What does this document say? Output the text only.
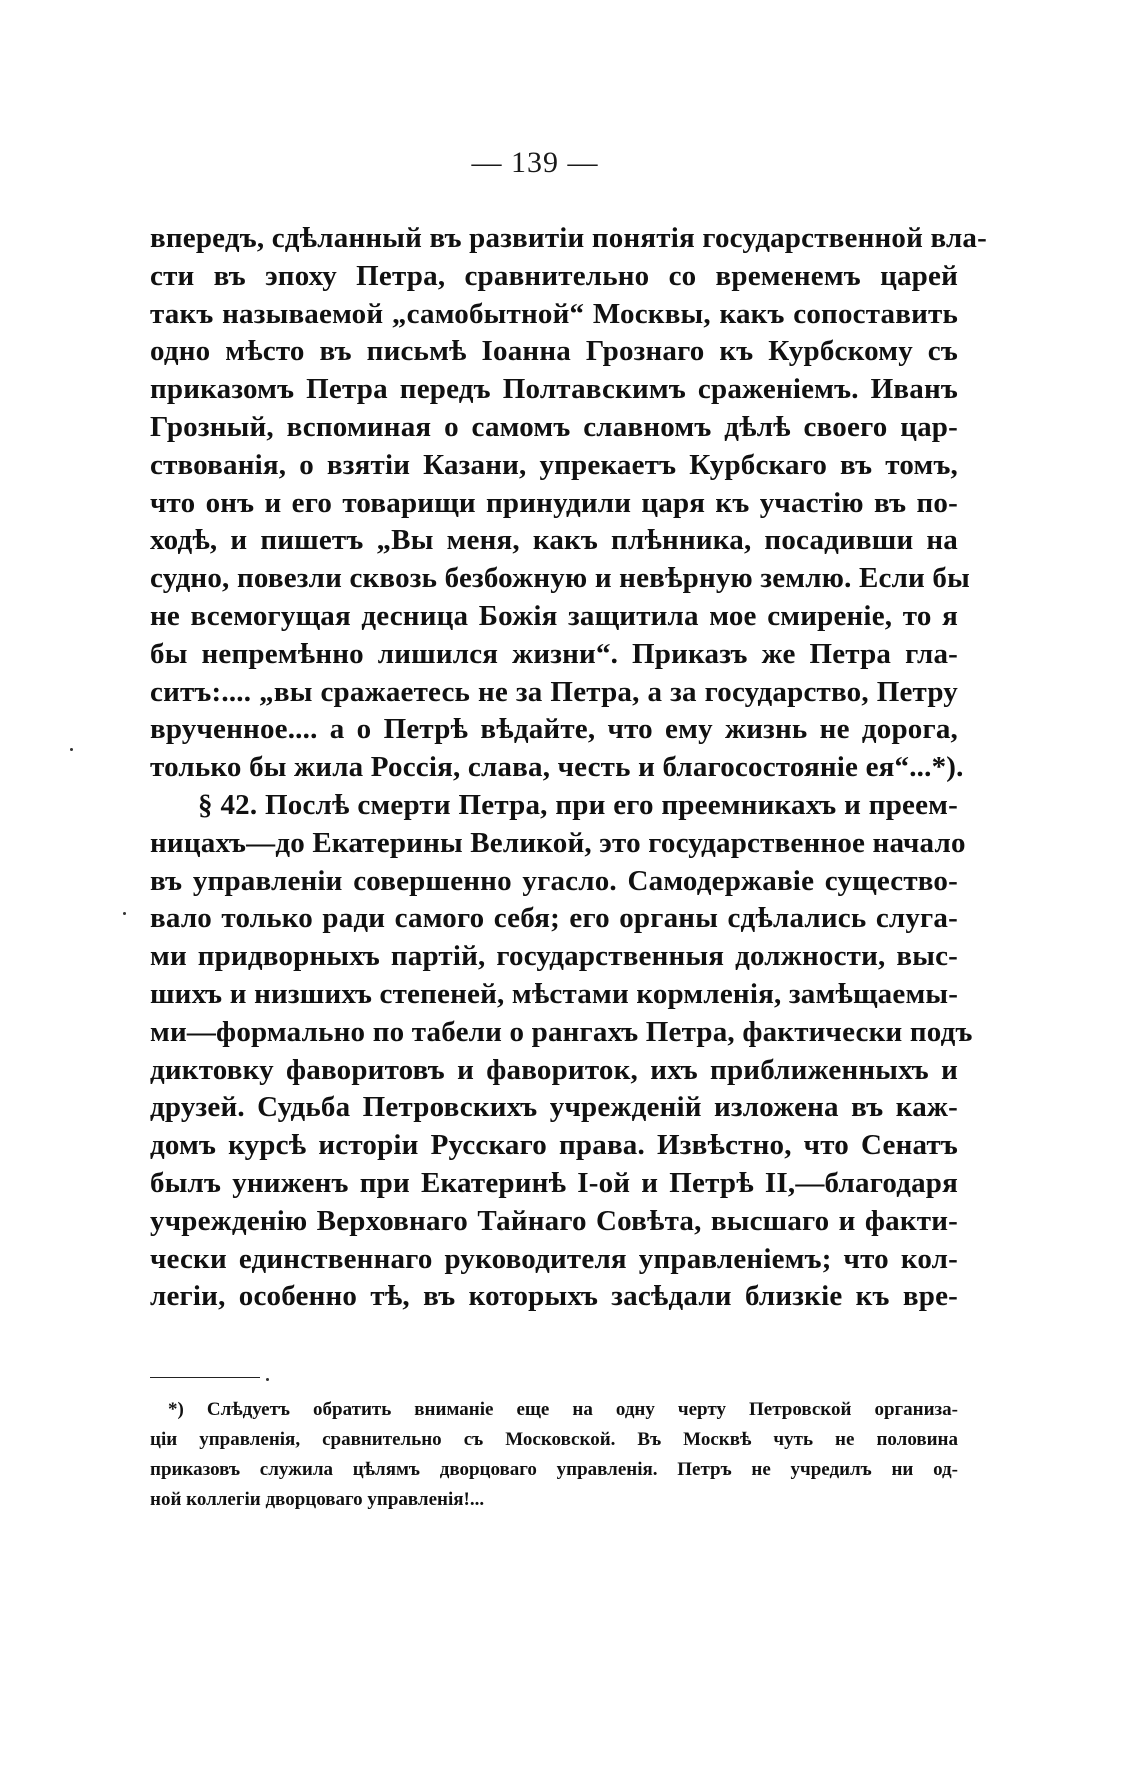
— 139 —
впередъ, сдѣланный въ развитіи понятія государственной вла-
сти въ эпоху Петра, сравнительно со временемъ царей
такъ называемой „самобытной“ Москвы, какъ сопоставить
одно мѣсто въ письмѣ Іоанна Грознаго къ Курбскому съ
приказомъ Петра передъ Полтавскимъ сраженіемъ. Иванъ
Грозный, вспоминая о самомъ славномъ дѣлѣ своего цар-
ствованія, о взятіи Казани, упрекаетъ Курбскаго въ томъ,
что онъ и его товарищи принудили царя къ участію въ по-
ходѣ, и пишетъ „Вы меня, какъ плѣнника, посадивши на
судно, повезли сквозь безбожную и невѣрную землю. Если бы
не всемогущая десница Божія защитила мое смиреніе, то я
бы непремѣнно лишился жизни“. Приказъ же Петра гла-
ситъ:.... „вы сражаетесь не за Петра, а за государство, Петру
врученное.... а о Петрѣ вѣдайте, что ему жизнь не дорога,
только бы жила Россія, слава, честь и благосостояніе ея“...*).
§ 42. Послѣ смерти Петра, при его преемникахъ и преем-
ницахъ—до Екатерины Великой, это государственное начало
въ управленіи совершенно угасло. Самодержавіе существо-
вало только ради самого себя; его органы сдѣлались слуга-
ми придворныхъ партій, государственныя должности, выс-
шихъ и низшихъ степеней, мѣстами кормленія, замѣщаемы-
ми—формально по табели о рангахъ Петра, фактически подъ
диктовку фаворитовъ и фавориток, ихъ приближенныхъ и
друзей. Судьба Петровскихъ учрежденій изложена въ каж-
домъ курсѣ исторіи Русскаго права. Извѣстно, что Сенатъ
былъ униженъ при Екатеринѣ І-ой и Петрѣ ІІ,—благодаря
учрежденію Верховнаго Тайнаго Совѣта, высшаго и факти-
чески единственнаго руководителя управленіемъ; что кол-
легіи, особенно тѣ, въ которыхъ засѣдали близкіе къ вре-
*) Слѣдуетъ обратить вниманіе еще на одну черту Петровской организа-
ціи управленія, сравнительно съ Московской. Въ Москвѣ чуть не половина
приказовъ служила цѣлямъ дворцоваго управленія. Петръ не учредилъ ни од-
ной коллегіи дворцоваго управленія!...
